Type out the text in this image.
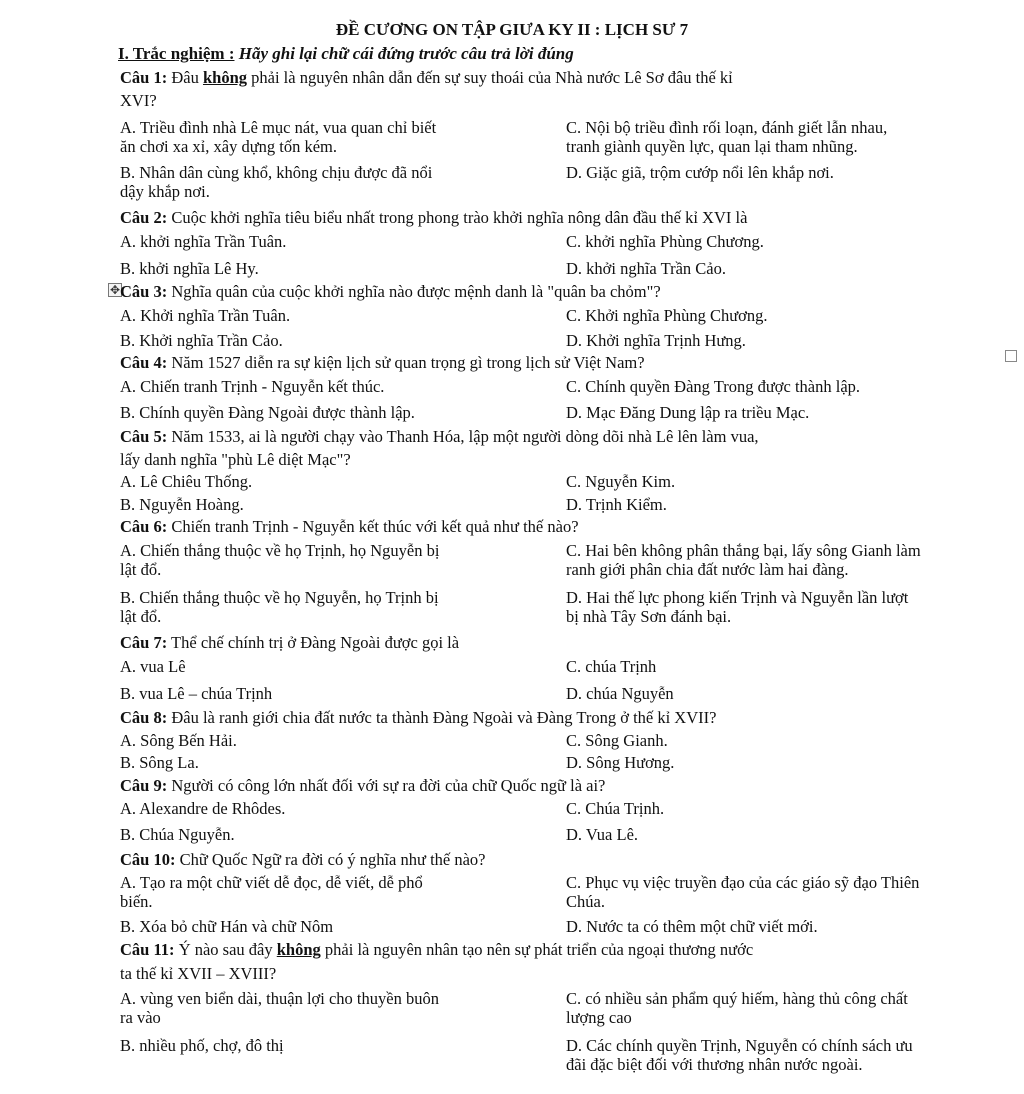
ĐỀ CƯƠNG ON TẬP GIƯA KY II : LỊCH SƯ 7
I. Trắc nghiệm : Hãy ghi lại chữ cái đứng trước câu trả lời đúng
Câu 1: Đâu không phải là nguyên nhân dẫn đến sự suy thoái của Nhà nước Lê Sơ đâu thế kỉ
XVI?
A. Triều đình nhà Lê mục nát, vua quan chỉ biết
ăn chơi xa xỉ, xây dựng tốn kém.
C. Nội bộ triều đình rối loạn, đánh giết lẫn nhau,
tranh giành quyền lực, quan lại tham nhũng.
B. Nhân dân cùng khổ, không chịu được đã nổi
dậy khắp nơi.
D. Giặc giã, trộm cướp nổi lên khắp nơi.
Câu 2: Cuộc khởi nghĩa tiêu biểu nhất trong phong trào khởi nghĩa nông dân đầu thế kỉ XVI là
A. khởi nghĩa Trần Tuân.	C. khởi nghĩa Phùng Chương.
B. khởi nghĩa Lê Hy.	D. khởi nghĩa Trần Cảo.
✥ Câu 3: Nghĩa quân của cuộc khởi nghĩa nào được mệnh danh là "quân ba chỏm"?
A. Khởi nghĩa Trần Tuân.	C. Khởi nghĩa Phùng Chương.
B. Khởi nghĩa Trần Cảo.	D. Khởi nghĩa Trịnh Hưng.
Câu 4: Năm 1527 diễn ra sự kiện lịch sử quan trọng gì trong lịch sử Việt Nam?
A. Chiến tranh Trịnh - Nguyễn kết thúc.	C. Chính quyền Đàng Trong được thành lập.
B. Chính quyền Đàng Ngoài được thành lập.	D. Mạc Đăng Dung lập ra triều Mạc.
Câu 5: Năm 1533, ai là người chạy vào Thanh Hóa, lập một người dòng dõi nhà Lê lên làm vua,
lấy danh nghĩa "phù Lê diệt Mạc"?
A. Lê Chiêu Thống.	C. Nguyễn Kim.
B. Nguyễn Hoàng.	D. Trịnh Kiểm.
Câu 6: Chiến tranh Trịnh - Nguyễn kết thúc với kết quả như thế nào?
A. Chiến thắng thuộc về họ Trịnh, họ Nguyễn bị
lật đổ.
C. Hai bên không phân thắng bại, lấy sông Gianh làm
ranh giới phân chia đất nước làm hai đàng.
B. Chiến thắng thuộc về họ Nguyễn, họ Trịnh bị
lật đổ.
D. Hai thế lực phong kiến Trịnh và Nguyễn lần lượt
bị nhà Tây Sơn đánh bại.
Câu 7: Thể chế chính trị ở Đàng Ngoài được gọi là
A. vua Lê	C. chúa Trịnh
B. vua Lê – chúa Trịnh	D. chúa Nguyễn
Câu 8: Đâu là ranh giới chia đất nước ta thành Đàng Ngoài và Đàng Trong ở thế kỉ XVII?
A. Sông Bến Hải.	C. Sông Gianh.
B. Sông La.	D. Sông Hương.
Câu 9: Người có công lớn nhất đối với sự ra đời của chữ Quốc ngữ là ai?
A. Alexandre de Rhôdes.	C. Chúa Trịnh.
B. Chúa Nguyễn.	D. Vua Lê.
Câu 10: Chữ Quốc Ngữ ra đời có ý nghĩa như thế nào?
A. Tạo ra một chữ viết dễ đọc, dễ viết, dễ phổ
biến.
C. Phục vụ việc truyền đạo của các giáo sỹ đạo Thiên
Chúa.
B. Xóa bỏ chữ Hán và chữ Nôm	D. Nước ta có thêm một chữ viết mới.
Câu 11: Ý nào sau đây không phải là nguyên nhân tạo nên sự phát triển của ngoại thương nước
ta thế kỉ XVII – XVIII?
A. vùng ven biển dài, thuận lợi cho thuyền buôn
ra vào
C. có nhiều sản phẩm quý hiếm, hàng thủ công chất
lượng cao
B. nhiều phố, chợ, đô thị	D. Các chính quyền Trịnh, Nguyễn có chính sách ưu
đãi đặc biệt đối với thương nhân nước ngoài.
